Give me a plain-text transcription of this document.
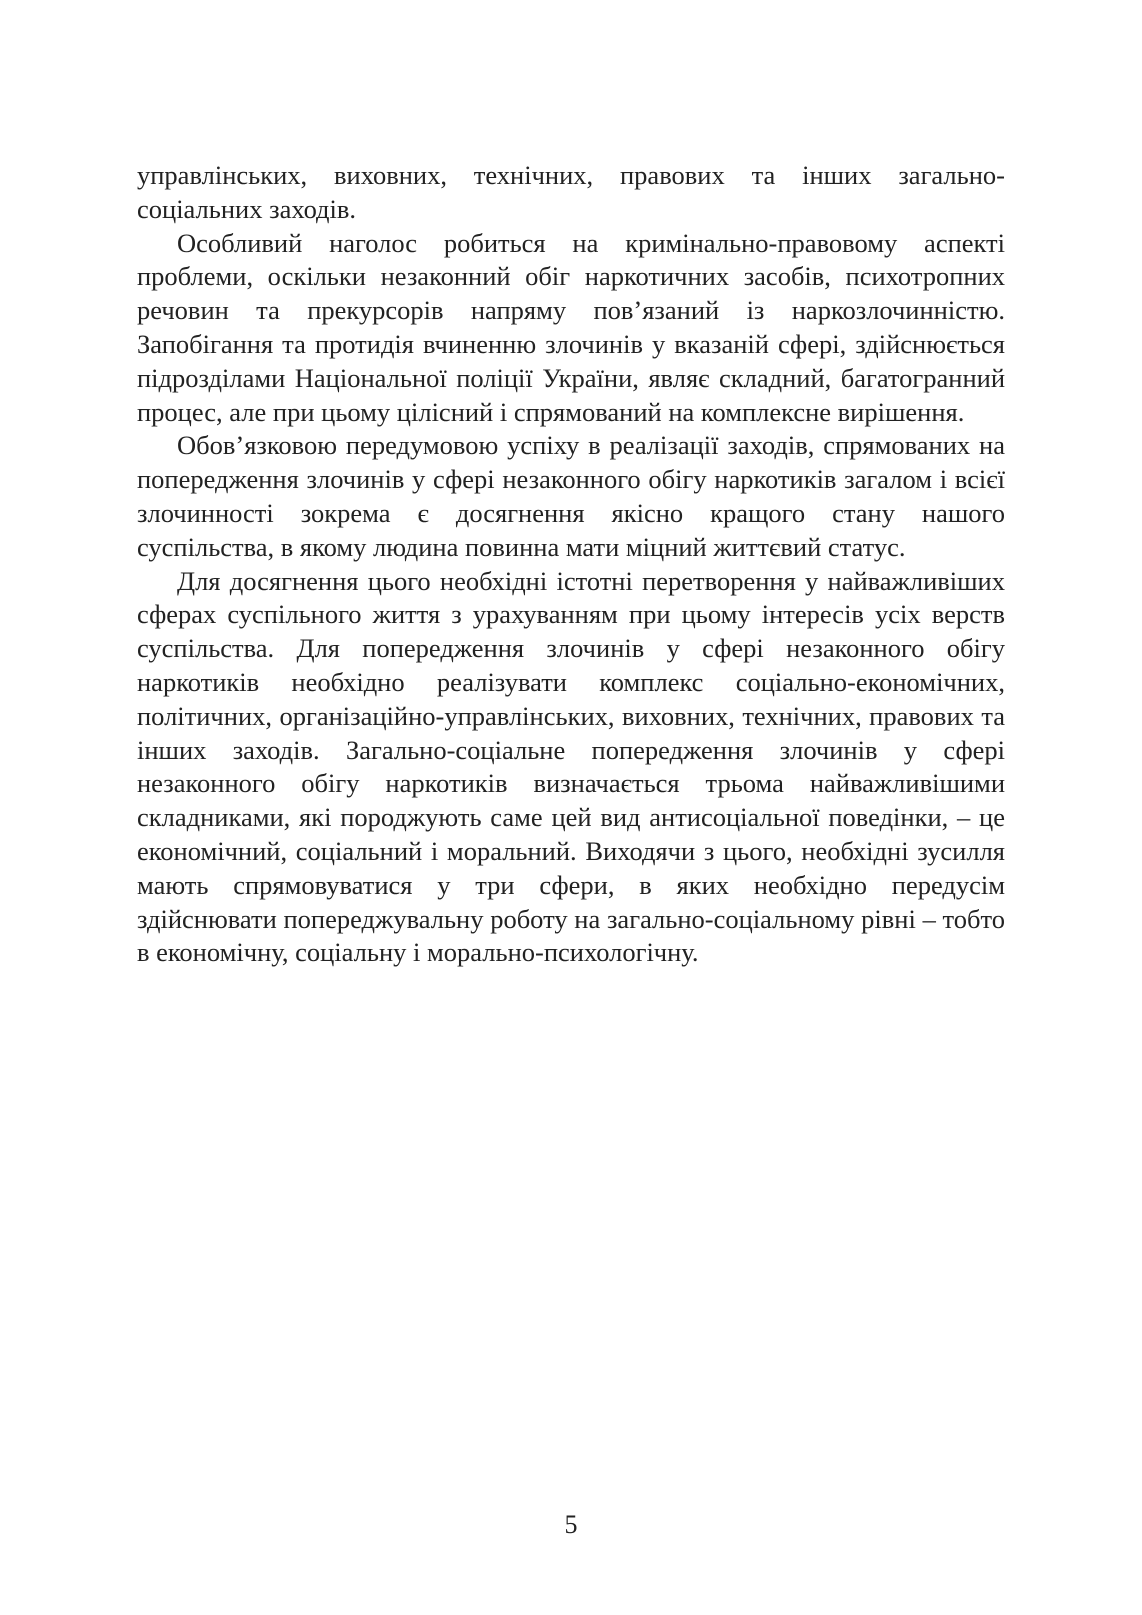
управлінських, виховних, технічних, правових та інших загально-соціальних заходів.

Особливий наголос робиться на кримінально-правовому аспекті проблеми, оскільки незаконний обіг наркотичних засобів, психотропних речовин та прекурсорів напряму пов’язаний із наркозлочинністю. Запобігання та протидія вчиненню злочинів у вказаній сфері, здійснюється підрозділами Національної поліції України, являє складний, багатогранний процес, але при цьому цілісний і спрямований на комплексне вирішення.

Обов’язковою передумовою успіху в реалізації заходів, спрямованих на попередження злочинів у сфері незаконного обігу наркотиків загалом і всієї злочинності зокрема є досягнення якісно кращого стану нашого суспільства, в якому людина повинна мати міцний життєвий статус.

Для досягнення цього необхідні істотні перетворення у найважливіших сферах суспільного життя з урахуванням при цьому інтересів усіх верств суспільства. Для попередження злочинів у сфері незаконного обігу наркотиків необхідно реалізувати комплекс соціально-економічних, політичних, організаційно-управлінських, виховних, технічних, правових та інших заходів. Загально-соціальне попередження злочинів у сфері незаконного обігу наркотиків визначається трьома найважливішими складниками, які породжують саме цей вид антисоціальної поведінки, – це економічний, соціальний і моральний. Виходячи з цього, необхідні зусилля мають спрямовуватися у три сфери, в яких необхідно передусім здійснювати попереджувальну роботу на загально-соціальному рівні – тобто в економічну, соціальну і морально-психологічну.

5
